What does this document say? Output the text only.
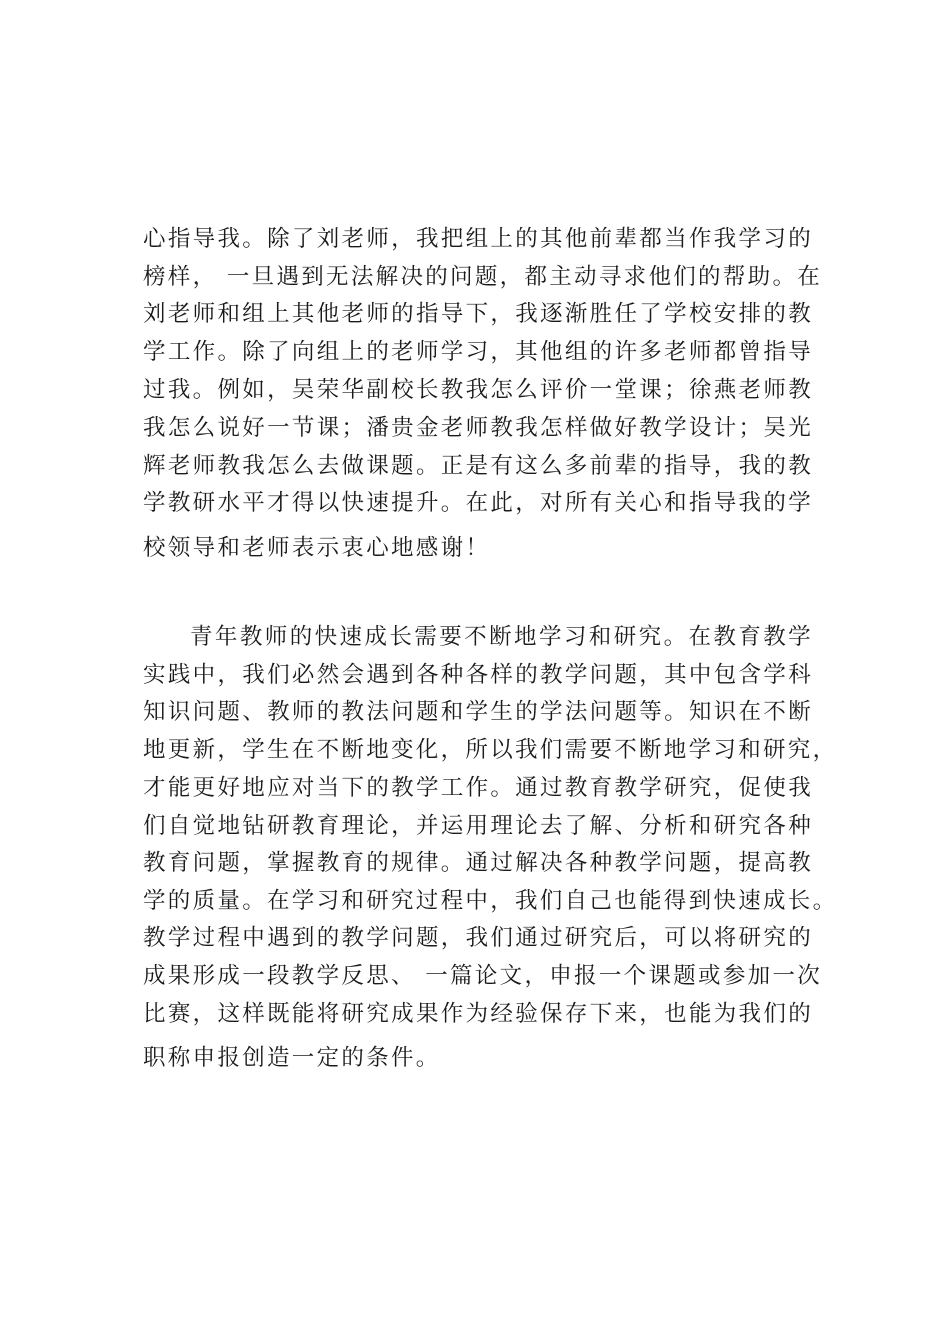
心指导我。除了刘老师，我把组上的其他前辈都当作我学习的
榜样， 一旦遇到无法解决的问题，都主动寻求他们的帮助。在
刘老师和组上其他老师的指导下，我逐渐胜任了学校安排的教
学工作。除了向组上的老师学习，其他组的许多老师都曾指导
过我。例如，吴荣华副校长教我怎么评价一堂课；徐燕老师教
我怎么说好一节课；潘贵金老师教我怎样做好教学设计；吴光
辉老师教我怎么去做课题。正是有这么多前辈的指导，我的教
学教研水平才得以快速提升。在此，对所有关心和指导我的学
校领导和老师表示衷心地感谢！
青年教师的快速成长需要不断地学习和研究。在教育教学
实践中，我们必然会遇到各种各样的教学问题，其中包含学科
知识问题、教师的教法问题和学生的学法问题等。知识在不断
地更新，学生在不断地变化，所以我们需要不断地学习和研究，
才能更好地应对当下的教学工作。通过教育教学研究，促使我
们自觉地钻研教育理论，并运用理论去了解、分析和研究各种
教育问题，掌握教育的规律。通过解决各种教学问题，提高教
学的质量。在学习和研究过程中，我们自己也能得到快速成长。
教学过程中遇到的教学问题，我们通过研究后，可以将研究的
成果形成一段教学反思、 一篇论文，申报一个课题或参加一次
比赛，这样既能将研究成果作为经验保存下来，也能为我们的
职称申报创造一定的条件。
